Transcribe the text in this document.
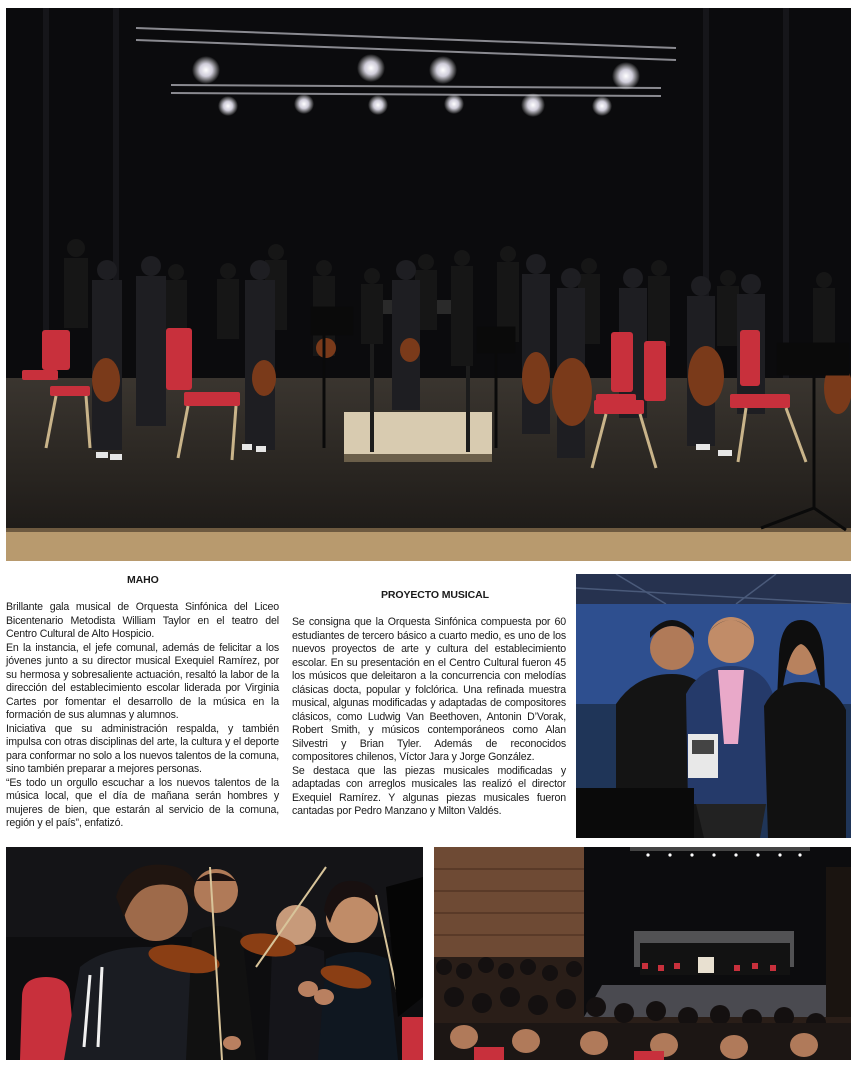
MAHO

Brillante gala musical de Orquesta Sinfónica del Liceo Bicentenario Metodista William Taylor en el teatro del Centro Cultural de Alto Hospicio.

En la instancia, el jefe comunal, además de felicitar a los jóvenes junto a su director musical Exequiel Ramírez, por su hermosa y sobresaliente actuación, resaltó la labor de la dirección del establecimiento escolar liderada por Virginia Cartes por fomentar el desarrollo de la música en la formación de sus alumnas y alumnos.

Iniciativa que su administración respalda, y también impulsa con otras disciplinas del arte, la cultura y el deporte para conformar no solo a los nuevos talentos de la comuna, sino también preparar a mejores personas.

“Es todo un orgullo escuchar a los nuevos talentos de la música local, que el día de mañana serán hombres y mujeres de bien, que estarán al servicio de la comuna, región y el país”, enfatizó.

PROYECTO MUSICAL

Se consigna que la Orquesta Sinfónica compuesta por 60 estudiantes de tercero básico a cuarto medio, es uno de los nuevos proyectos de arte y cultura del establecimiento escolar. En su presentación en el Centro Cultural fueron 45 los músicos que deleitaron a la concurrencia con melodías clásicas docta, popular y folclórica. Una refinada muestra musical, algunas modificadas y adaptadas de compositores clásicos, como Ludwig Van Beethoven, Antonin D’Vorak, Robert Smith, y músicos contemporáneos como Alan Silvestri y Brian Tyler. Además de reconocidos compositores chilenos, Víctor Jara y Jorge González.

Se destaca que las piezas musicales modificadas y adaptadas con arreglos musicales las realizó el director Exequiel Ramírez. Y algunas piezas musicales fueron cantadas por Pedro Manzano y Milton Valdés.
